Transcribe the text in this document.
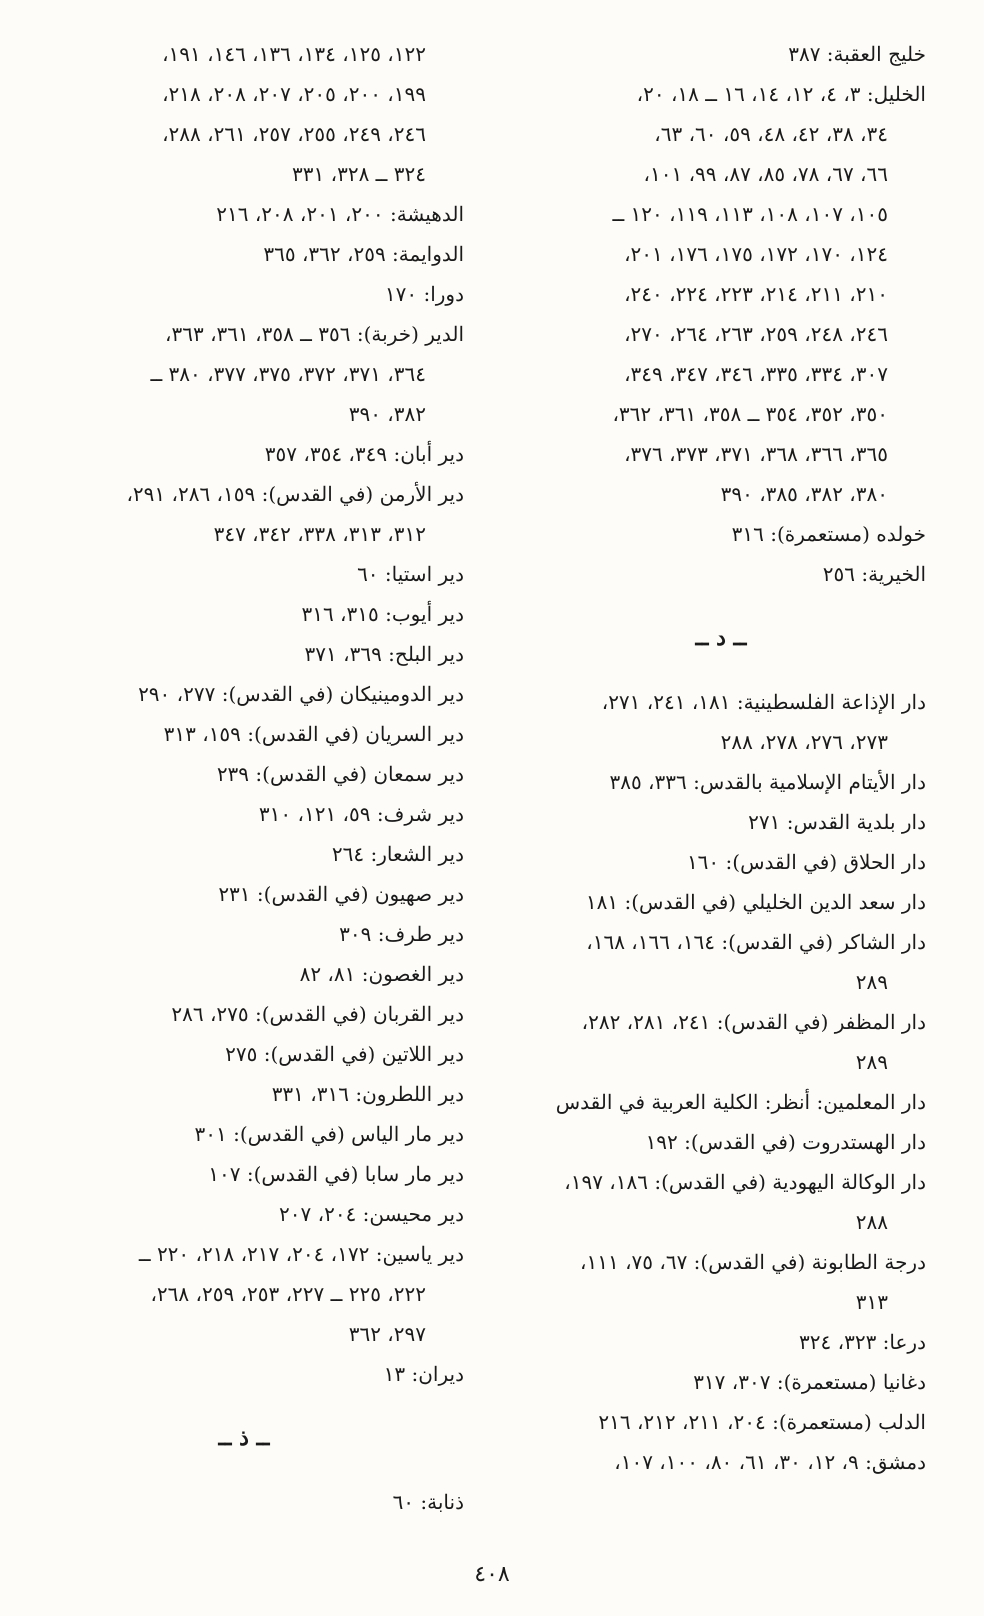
خليج العقبة: ٣٨٧
الخليل: ٣، ٤، ١٢، ١٤، ١٦ ــ ١٨، ٢٠،
٣٤، ٣٨، ٤٢، ٤٨، ٥٩، ٦٠، ٦٣،
٦٦، ٦٧، ٧٨، ٨٥، ٨٧، ٩٩، ١٠١،
١٠٥، ١٠٧، ١٠٨، ١١٣، ١١٩، ١٢٠ ــ
١٢٤، ١٧٠، ١٧٢، ١٧٥، ١٧٦، ٢٠١،
٢١٠، ٢١١، ٢١٤، ٢٢٣، ٢٢٤، ٢٤٠،
٢٤٦، ٢٤٨، ٢٥٩، ٢٦٣، ٢٦٤، ٢٧٠،
٣٠٧، ٣٣٤، ٣٣٥، ٣٤٦، ٣٤٧، ٣٤٩،
٣٥٠، ٣٥٢، ٣٥٤ ــ ٣٥٨، ٣٦١، ٣٦٢،
٣٦٥، ٣٦٦، ٣٦٨، ٣٧١، ٣٧٣، ٣٧٦،
٣٨٠، ٣٨٢، ٣٨٥، ٣٩٠
خولده (مستعمرة): ٣١٦
الخيرية: ٢٥٦
ــ د ــ
دار الإذاعة الفلسطينية: ١٨١، ٢٤١، ٢٧١،
٢٧٣، ٢٧٦، ٢٧٨، ٢٨٨
دار الأيتام الإسلامية بالقدس: ٣٣٦، ٣٨٥
دار بلدية القدس: ٢٧١
دار الحلاق (في القدس): ١٦٠
دار سعد الدين الخليلي (في القدس): ١٨١
دار الشاكر (في القدس): ١٦٤، ١٦٦، ١٦٨،
٢٨٩
دار المظفر (في القدس): ٢٤١، ٢٨١، ٢٨٢،
٢٨٩
دار المعلمين: أنظر: الكلية العربية في القدس
دار الهستدروت (في القدس): ١٩٢
دار الوكالة اليهودية (في القدس): ١٨٦، ١٩٧،
٢٨٨
درجة الطابونة (في القدس): ٦٧، ٧٥، ١١١،
٣١٣
درعا: ٣٢٣، ٣٢٤
دغانيا (مستعمرة): ٣٠٧، ٣١٧
الدلب (مستعمرة): ٢٠٤، ٢١١، ٢١٢، ٢١٦
دمشق: ٩، ١٢، ٣٠، ٦١، ٨٠، ١٠٠، ١٠٧،
١٢٢، ١٢٥، ١٣٤، ١٣٦، ١٤٦، ١٩١،
١٩٩، ٢٠٠، ٢٠٥، ٢٠٧، ٢٠٨، ٢١٨،
٢٤٦، ٢٤٩، ٢٥٥، ٢٥٧، ٢٦١، ٢٨٨،
٣٢٤ ــ ٣٢٨، ٣٣١
الدهيشة: ٢٠٠، ٢٠١، ٢٠٨، ٢١٦
الدوايمة: ٢٥٩، ٣٦٢، ٣٦٥
دورا: ١٧٠
الدير (خربة): ٣٥٦ ــ ٣٥٨، ٣٦١، ٣٦٣،
٣٦٤، ٣٧١، ٣٧٢، ٣٧٥، ٣٧٧، ٣٨٠ ــ
٣٨٢، ٣٩٠
دير أبان: ٣٤٩، ٣٥٤، ٣٥٧
دير الأرمن (في القدس): ١٥٩، ٢٨٦، ٢٩١،
٣١٢، ٣١٣، ٣٣٨، ٣٤٢، ٣٤٧
دير استيا: ٦٠
دير أيوب: ٣١٥، ٣١٦
دير البلح: ٣٦٩، ٣٧١
دير الدومينيكان (في القدس): ٢٧٧، ٢٩٠
دير السريان (في القدس): ١٥٩، ٣١٣
دير سمعان (في القدس): ٢٣٩
دير شرف: ٥٩، ١٢١، ٣١٠
دير الشعار: ٢٦٤
دير صهيون (في القدس): ٢٣١
دير طرف: ٣٠٩
دير الغصون: ٨١، ٨٢
دير القربان (في القدس): ٢٧٥، ٢٨٦
دير اللاتين (في القدس): ٢٧٥
دير اللطرون: ٣١٦، ٣٣١
دير مار الياس (في القدس): ٣٠١
دير مار سابا (في القدس): ١٠٧
دير محيسن: ٢٠٤، ٢٠٧
دير ياسين: ١٧٢، ٢٠٤، ٢١٧، ٢١٨، ٢٢٠ ــ
٢٢٢، ٢٢٥ ــ ٢٢٧، ٢٥٣، ٢٥٩، ٢٦٨،
٢٩٧، ٣٦٢
ديران: ١٣
ــ ذ ــ
ذنابة: ٦٠
٤٠٨
